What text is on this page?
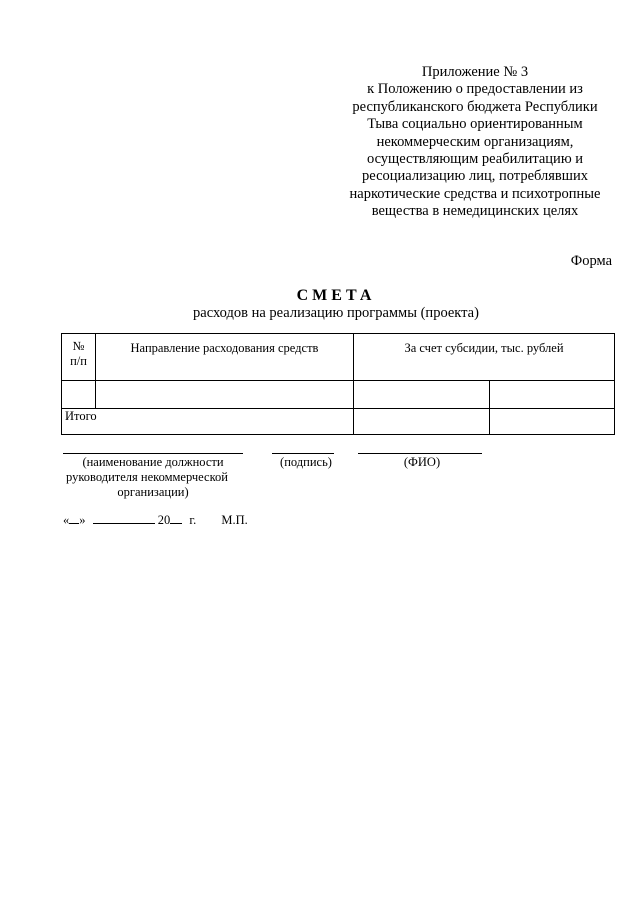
Приложение № 3
к Положению о предоставлении из
республиканского бюджета Республики
Тыва социально ориентированным
некоммерческим организациям,
осуществляющим реабилитацию и
ресоциализацию лиц, потреблявших
наркотические средства и психотропные
вещества в немедицинских целях
Форма
СМЕТА
расходов на реализацию программы (проекта)
№
п/п	Направление расходования средств	За счет субсидии, тыс. рублей	

Итого			
(наименование должности
руководителя некоммерческой
организации)
(подпись)	(ФИО)
« »	20 г. М.П.
